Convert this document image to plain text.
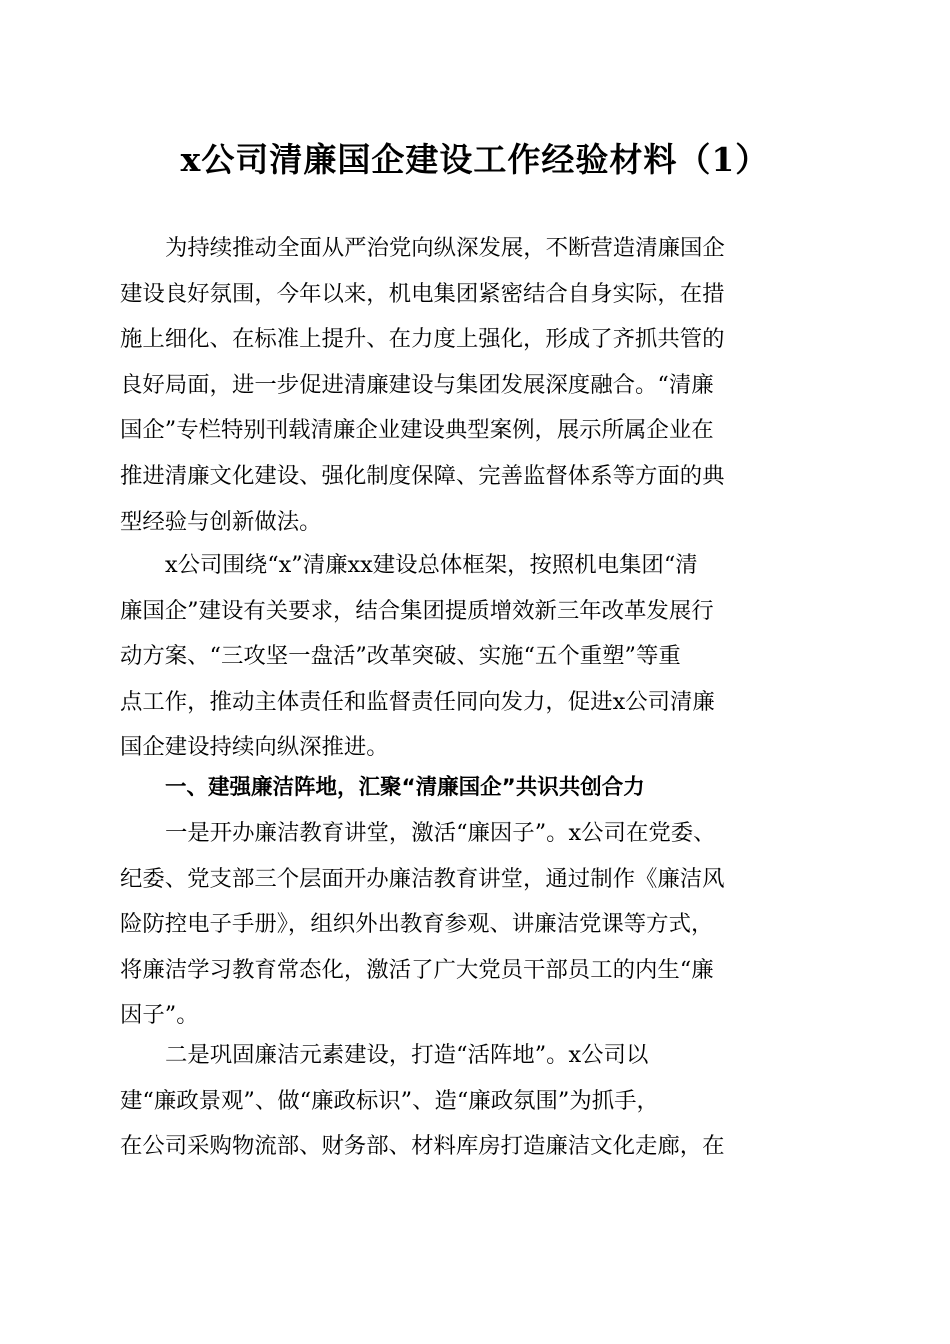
x公司清廉国企建设工作经验材料（1）
为持续推动全面从严治党向纵深发展，不断营造清廉国企
建设良好氛围，今年以来，机电集团紧密结合自身实际，在措
施上细化、在标准上提升、在力度上强化，形成了齐抓共管的
良好局面，进一步促进清廉建设与集团发展深度融合。“清廉
国企”专栏特别刊载清廉企业建设典型案例，展示所属企业在
推进清廉文化建设、强化制度保障、完善监督体系等方面的典
型经验与创新做法。
x公司围绕“x”清廉xx建设总体框架，按照机电集团“清
廉国企”建设有关要求，结合集团提质增效新三年改革发展行
动方案、“三攻坚一盘活”改革突破、实施“五个重塑”等重
点工作，推动主体责任和监督责任同向发力，促进x公司清廉
国企建设持续向纵深推进。
一、建强廉洁阵地，汇聚“清廉国企”共识共创合力
一是开办廉洁教育讲堂，激活“廉因子”。x公司在党委、
纪委、党支部三个层面开办廉洁教育讲堂，通过制作《廉洁风
险防控电子手册》，组织外出教育参观、讲廉洁党课等方式，
将廉洁学习教育常态化，激活了广大党员干部员工的内生“廉
因子”。
二是巩固廉洁元素建设，打造“活阵地”。x公司以
建“廉政景观”、做“廉政标识”、造“廉政氛围”为抓手，
在公司采购物流部、财务部、材料库房打造廉洁文化走廊，在
